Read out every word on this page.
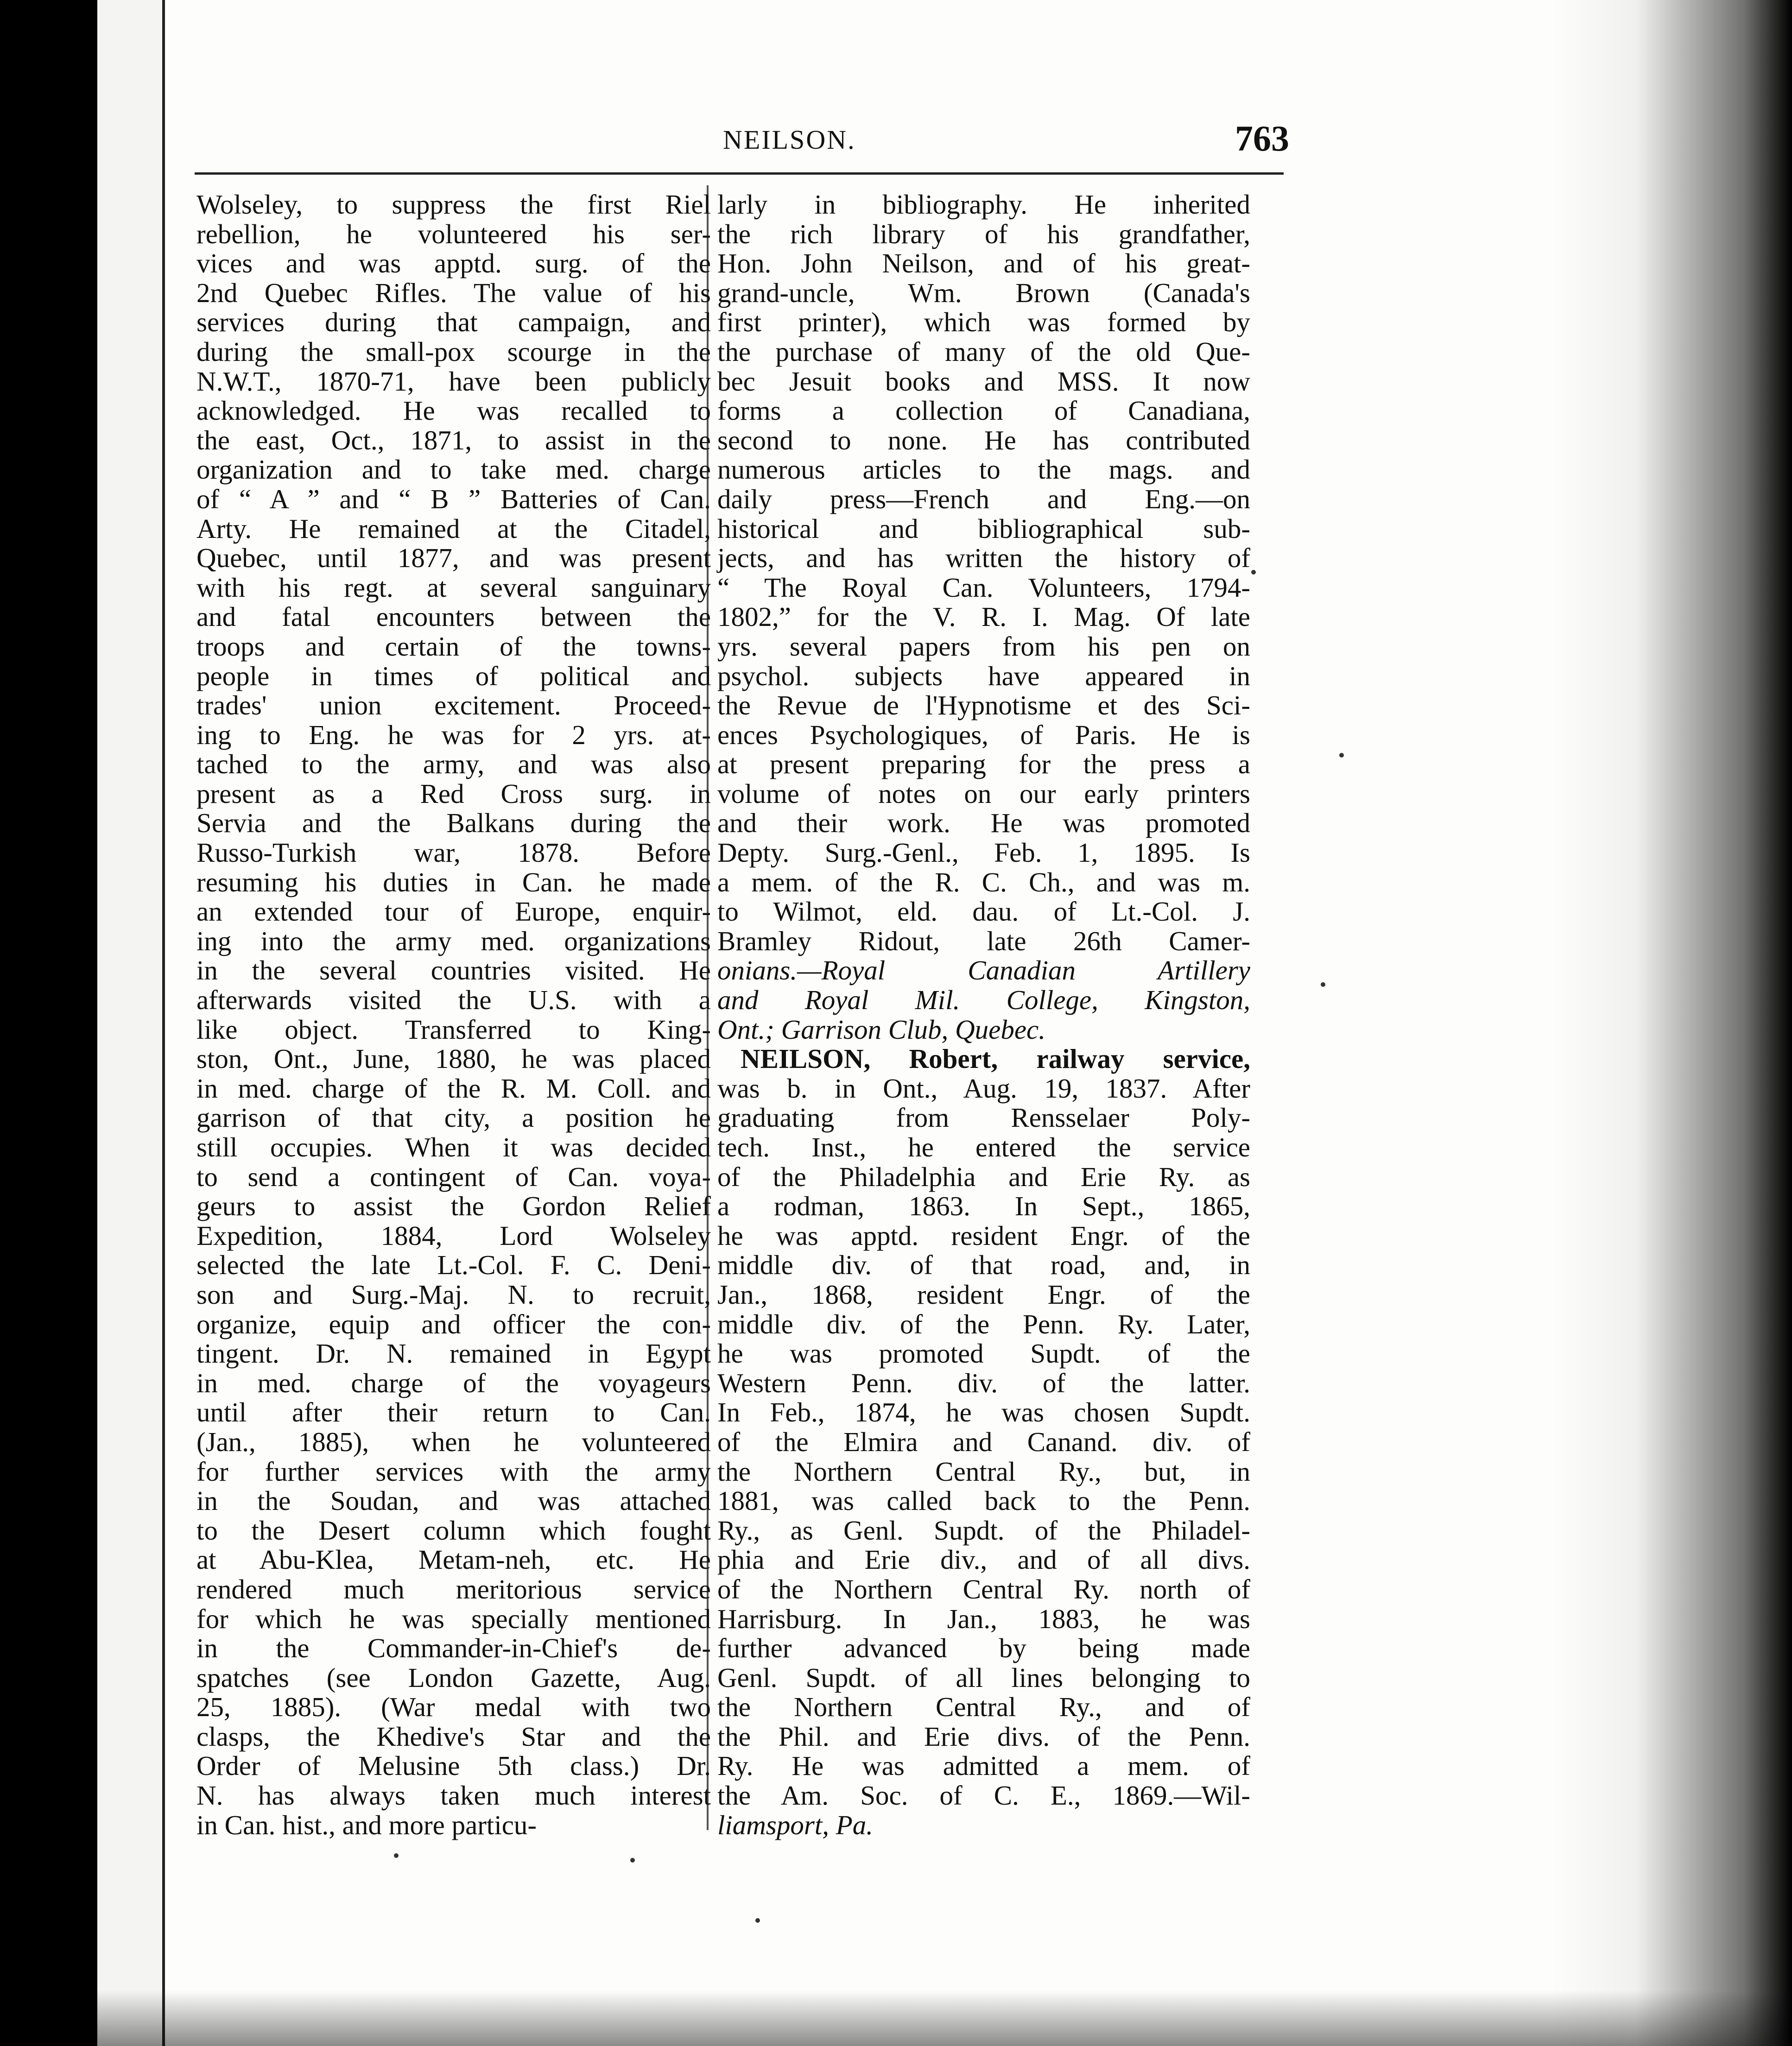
NEILSON.	763
Wolseley, to suppress the first Riel
rebellion, he volunteered his ser-
vices and was apptd. surg. of the
2nd Quebec Rifles. The value of his
services during that campaign, and
during the small-pox scourge in the
N.W.T., 1870-71, have been publicly
acknowledged. He was recalled to
the east, Oct., 1871, to assist in the
organization and to take med. charge
of “ A ” and “ B ” Batteries of Can.
Arty. He remained at the Citadel,
Quebec, until 1877, and was present
with his regt. at several sanguinary
and fatal encounters between the
troops and certain of the towns-
people in times of political and
trades' union excitement. Proceed-
ing to Eng. he was for 2 yrs. at-
tached to the army, and was also
present as a Red Cross surg. in
Servia and the Balkans during the
Russo-Turkish war, 1878. Before
resuming his duties in Can. he made
an extended tour of Europe, enquir-
ing into the army med. organizations
in the several countries visited. He
afterwards visited the U.S. with a
like object. Transferred to King-
ston, Ont., June, 1880, he was placed
in med. charge of the R. M. Coll. and
garrison of that city, a position he
still occupies. When it was decided
to send a contingent of Can. voya-
geurs to assist the Gordon Relief
Expedition, 1884, Lord Wolseley
selected the late Lt.-Col. F. C. Deni-
son and Surg.-Maj. N. to recruit,
organize, equip and officer the con-
tingent. Dr. N. remained in Egypt
in med. charge of the voyageurs
until after their return to Can.
(Jan., 1885), when he volunteered
for further services with the army
in the Soudan, and was attached
to the Desert column which fought
at Abu-Klea, Metam-neh, etc. He
rendered much meritorious service
for which he was specially mentioned
in the Commander-in-Chief's de-
spatches (see London Gazette, Aug.
25, 1885). (War medal with two
clasps, the Khedive's Star and the
Order of Melusine 5th class.) Dr.
N. has always taken much interest
in Can. hist., and more particu-
larly in bibliography. He inherited
the rich library of his grandfather,
Hon. John Neilson, and of his great-
grand-uncle, Wm. Brown (Canada's
first printer), which was formed by
the purchase of many of the old Que-
bec Jesuit books and MSS. It now
forms a collection of Canadiana,
second to none. He has contributed
numerous articles to the mags. and
daily press—French and Eng.—on
historical and bibliographical sub-
jects, and has written the history of
“ The Royal Can. Volunteers, 1794-
1802,” for the V. R. I. Mag. Of late
yrs. several papers from his pen on
psychol. subjects have appeared in
the Revue de l'Hypnotisme et des Sci-
ences Psychologiques, of Paris. He is
at present preparing for the press a
volume of notes on our early printers
and their work. He was promoted
Depty. Surg.-Genl., Feb. 1, 1895. Is
a mem. of the R. C. Ch., and was m.
to Wilmot, eld. dau. of Lt.-Col. J.
Bramley Ridout, late 26th Camer-
onians.—Royal Canadian Artillery
and Royal Mil. College, Kingston,
Ont.; Garrison Club, Quebec.
NEILSON, Robert, railway service,
was b. in Ont., Aug. 19, 1837. After
graduating from Rensselaer Poly-
tech. Inst., he entered the service
of the Philadelphia and Erie Ry. as
a rodman, 1863. In Sept., 1865,
he was apptd. resident Engr. of the
middle div. of that road, and, in
Jan., 1868, resident Engr. of the
middle div. of the Penn. Ry. Later,
he was promoted Supdt. of the
Western Penn. div. of the latter.
In Feb., 1874, he was chosen Supdt.
of the Elmira and Canand. div. of
the Northern Central Ry., but, in
1881, was called back to the Penn.
Ry., as Genl. Supdt. of the Philadel-
phia and Erie div., and of all divs.
of the Northern Central Ry. north of
Harrisburg. In Jan., 1883, he was
further advanced by being made
Genl. Supdt. of all lines belonging to
the Northern Central Ry., and of
the Phil. and Erie divs. of the Penn.
Ry. He was admitted a mem. of
the Am. Soc. of C. E., 1869.—Wil-
liamsport, Pa.
